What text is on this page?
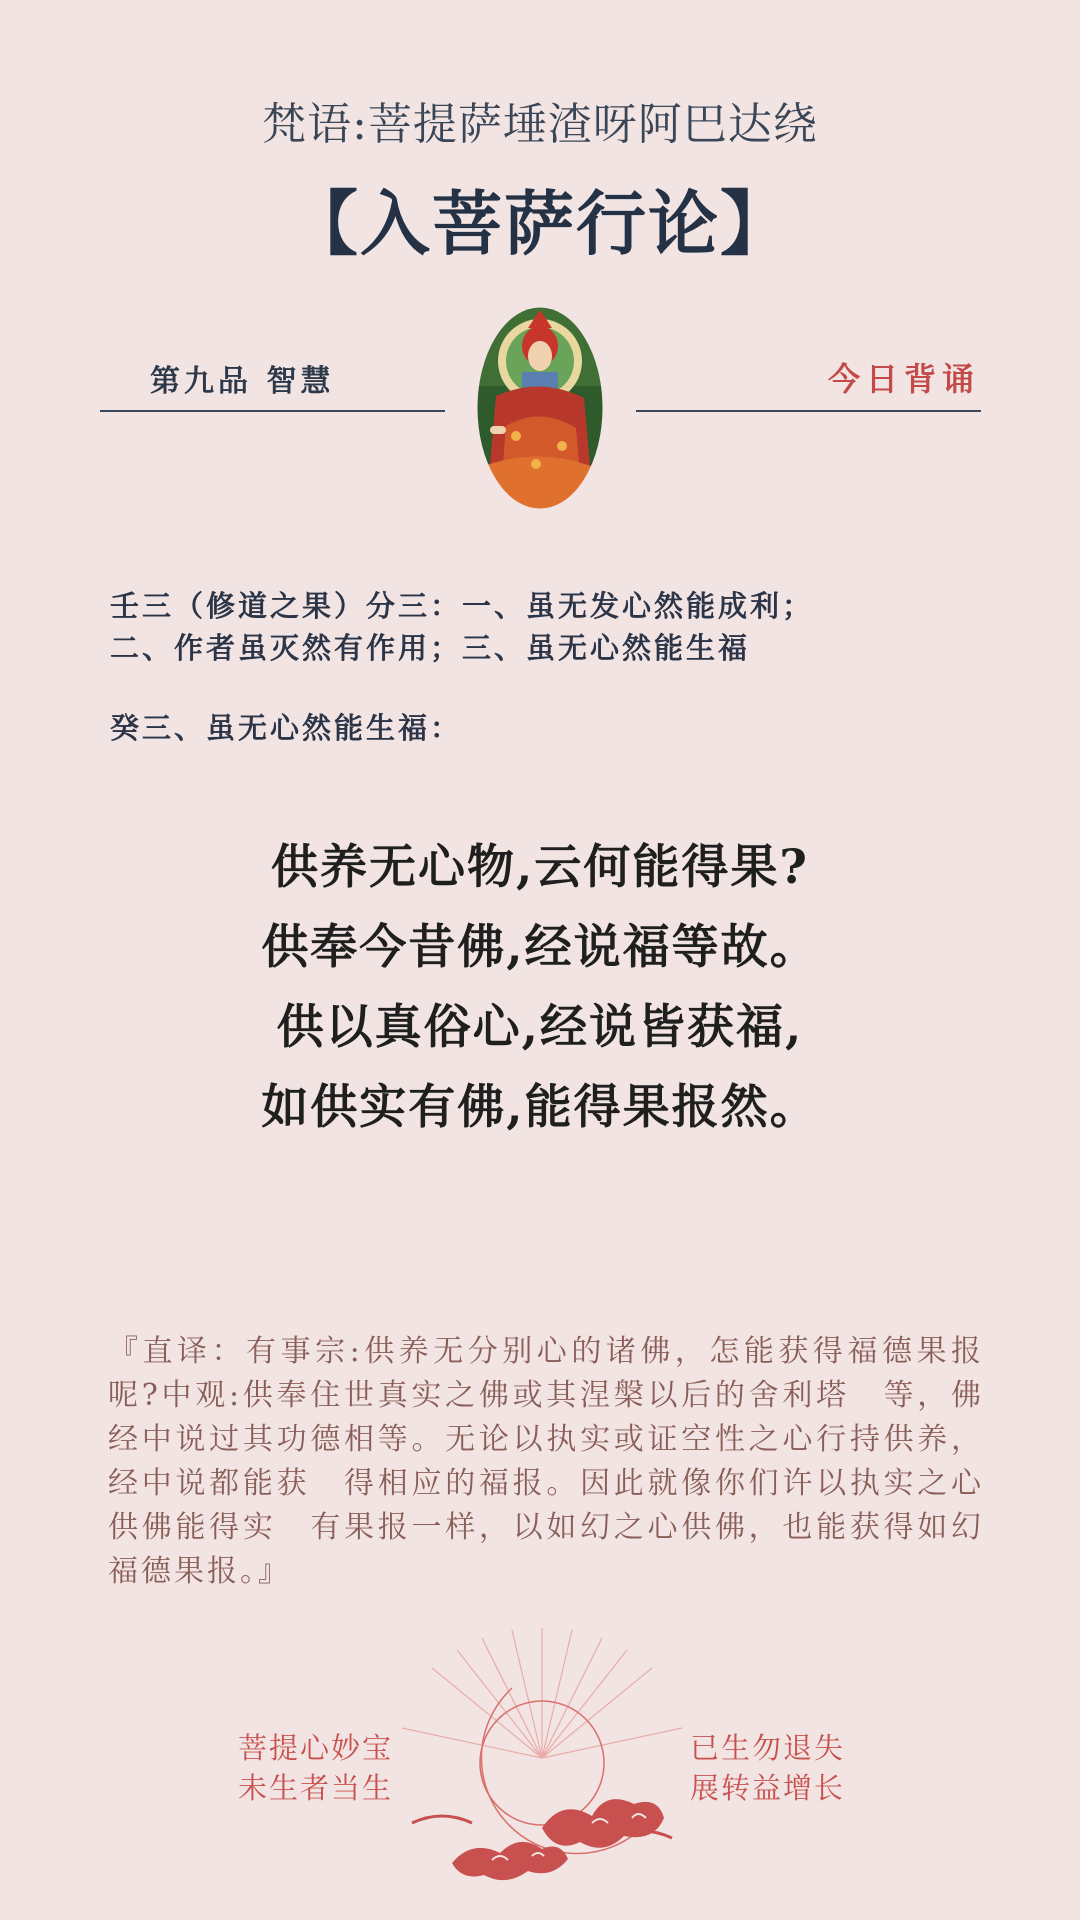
梵语:菩提萨埵渣呀阿巴达绕
【入菩萨行论】
第九品 智慧	今日背诵
壬三（修道之果）分三：一、虽无发心然能成利；
二、作者虽灭然有作用；三、虽无心然能生福
癸三、虽无心然能生福：
供养无心物,云何能得果?
供奉今昔佛,经说福等故。
供以真俗心,经说皆获福,
如供实有佛,能得果报然。
『直译：有事宗:供养无分别心的诸佛，怎能获得福德果报呢?中观:供奉住世真实之佛或其涅槃以后的舍利塔　等，佛经中说过其功德相等。无论以执实或证空性之心行持供养，经中说都能获　得相应的福报。因此就像你们许以执实之心供佛能得实　有果报一样，以如幻之心供佛，也能获得如幻福德果报。』
菩提心妙宝
未生者当生
已生勿退失
展转益增长
